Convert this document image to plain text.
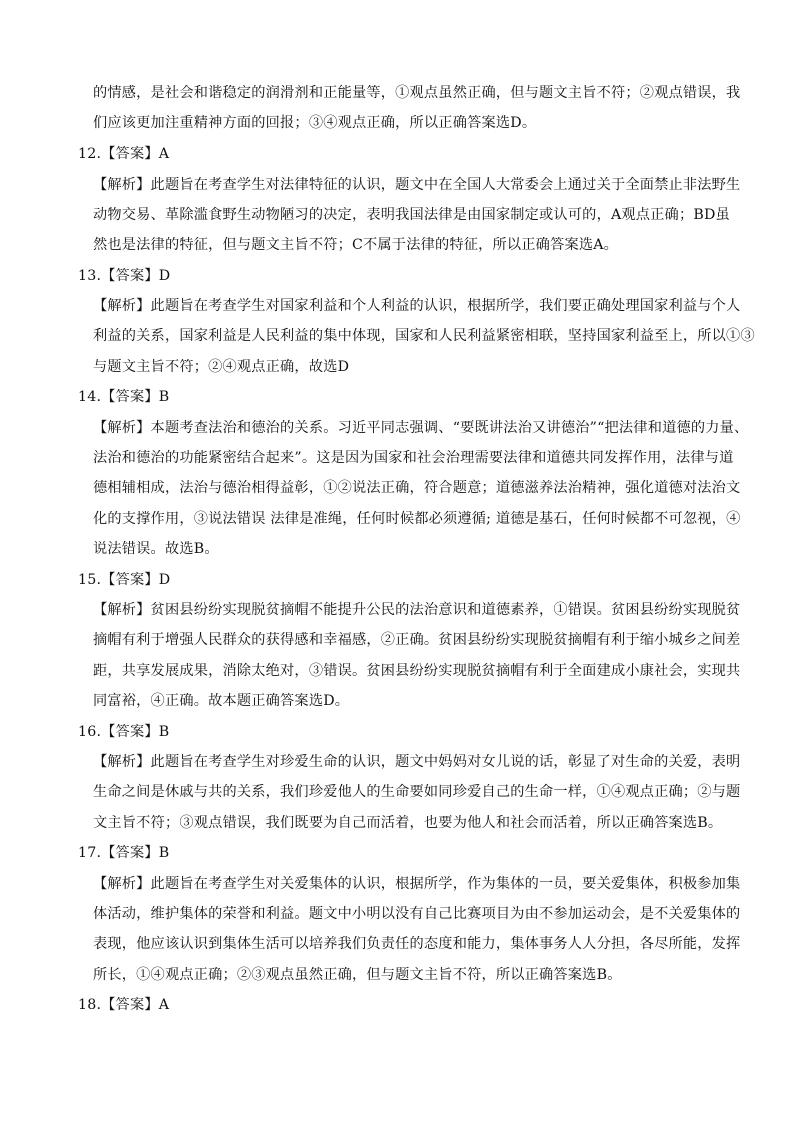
的情感，是社会和谐稳定的润滑剂和正能量等，①观点虽然正确，但与题文主旨不符；②观点错误，我
们应该更加注重精神方面的回报；③④观点正确，所以正确答案选D。
12.【答案】A
【解析】此题旨在考查学生对法律特征的认识，题文中在全国人大常委会上通过关于全面禁止非法野生
动物交易、革除滥食野生动物陋习的决定，表明我国法律是由国家制定或认可的，A观点正确；BD虽
然也是法律的特征，但与题文主旨不符；C不属于法律的特征，所以正确答案选A。
13.【答案】D
【解析】此题旨在考查学生对国家利益和个人利益的认识，根据所学，我们要正确处理国家利益与个人
利益的关系，国家利益是人民利益的集中体现，国家和人民利益紧密相联，坚持国家利益至上，所以①③
与题文主旨不符；②④观点正确，故选D
14.【答案】B
【解析】本题考查法治和德治的关系。习近平同志强调、“要既讲法治又讲德治”“把法律和道德的力量、
法治和德治的功能紧密结合起来”。这是因为国家和社会治理需要法律和道德共同发挥作用，法律与道
德相辅相成，法治与德治相得益彰，①②说法正确，符合题意；道德滋养法治精神，强化道德对法治文
化的支撑作用，③说法错误 法律是准绳，任何时候都必须遵循; 道德是基石，任何时候都不可忽视，④
说法错误。故选B。
15.【答案】D
【解析】贫困县纷纷实现脱贫摘帽不能提升公民的法治意识和道德素养，①错误。贫困县纷纷实现脱贫
摘帽有利于增强人民群众的获得感和幸福感，②正确。贫困县纷纷实现脱贫摘帽有利于缩小城乡之间差
距，共享发展成果，消除太绝对，③错误。贫困县纷纷实现脱贫摘帽有利于全面建成小康社会，实现共
同富裕，④正确。故本题正确答案选D。
16.【答案】B
【解析】此题旨在考查学生对珍爱生命的认识，题文中妈妈对女儿说的话，彰显了对生命的关爱，表明
生命之间是休戚与共的关系，我们珍爱他人的生命要如同珍爱自己的生命一样，①④观点正确；②与题
文主旨不符；③观点错误，我们既要为自己而活着，也要为他人和社会而活着，所以正确答案选B。
17.【答案】B
【解析】此题旨在考查学生对关爱集体的认识，根据所学，作为集体的一员，要关爱集体，积极参加集
体活动，维护集体的荣誉和利益。题文中小明以没有自己比赛项目为由不参加运动会，是不关爱集体的
表现，他应该认识到集体生活可以培养我们负责任的态度和能力，集体事务人人分担，各尽所能，发挥
所长，①④观点正确；②③观点虽然正确，但与题文主旨不符，所以正确答案选B。
18.【答案】A
